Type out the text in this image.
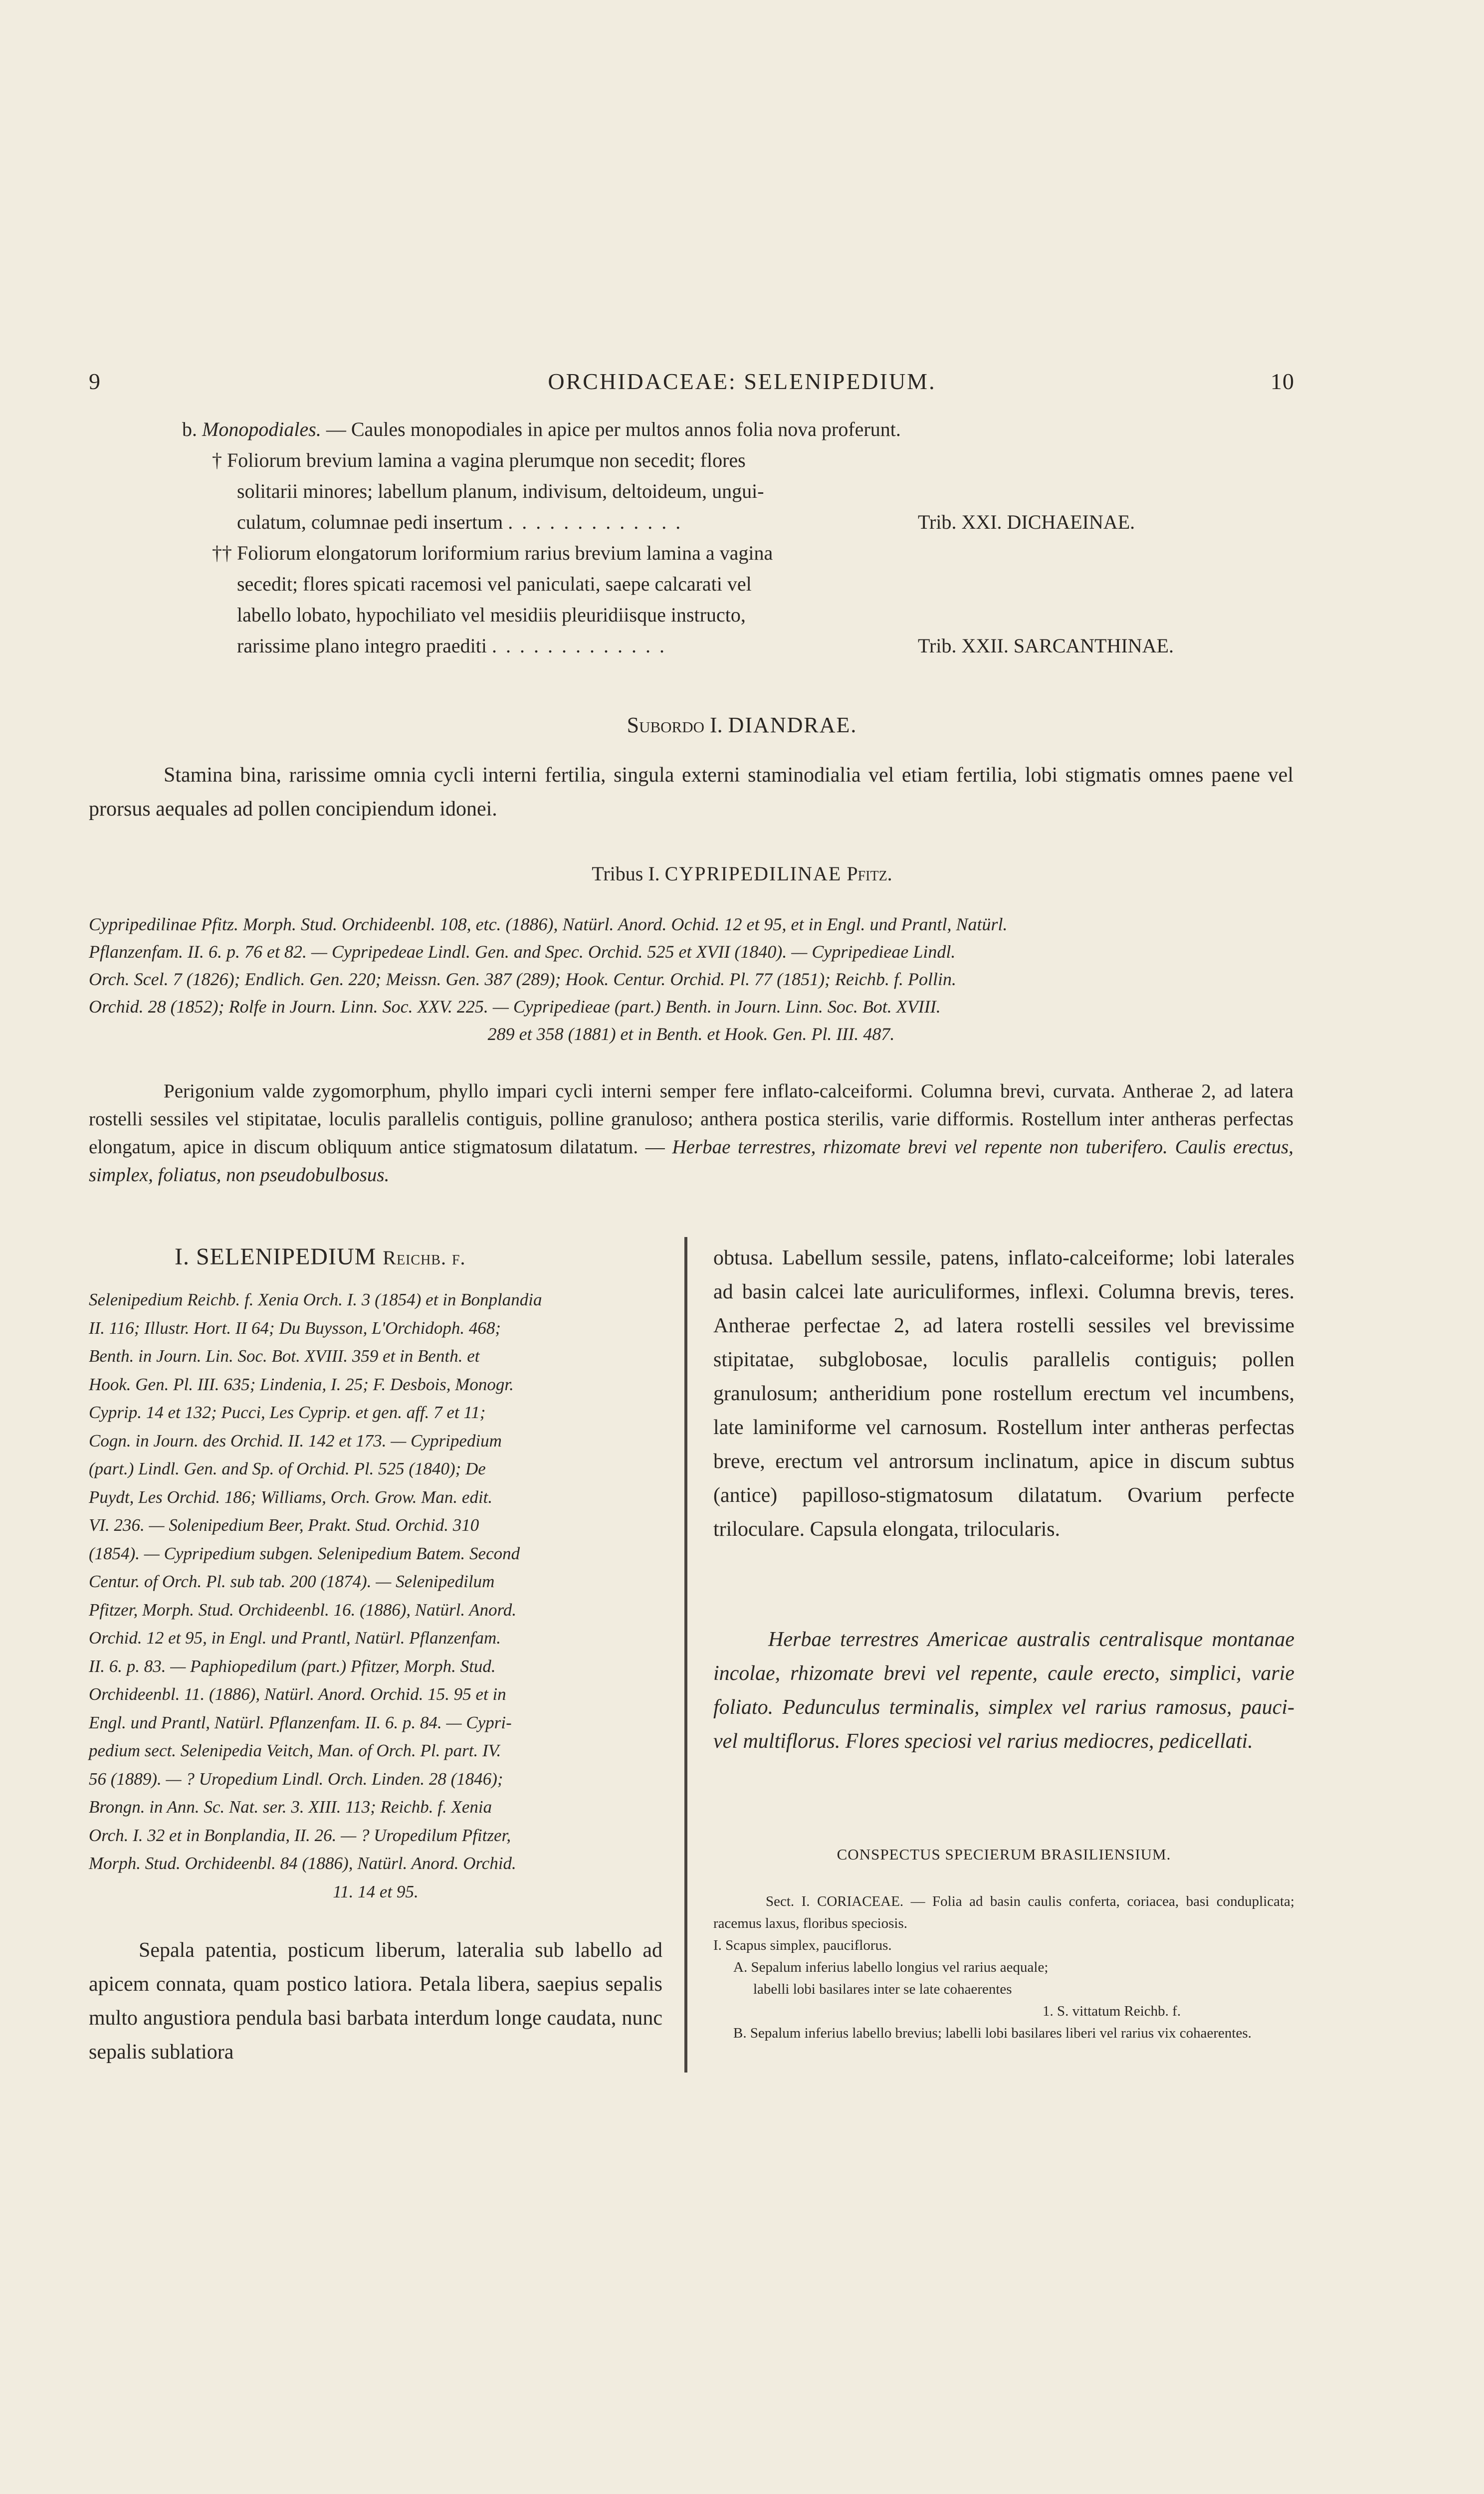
9	ORCHIDACEAE: SELENIPEDIUM.	10
b. Monopodiales. — Caules monopodiales in apice per multos annos folia nova proferunt.
† Foliorum brevium lamina a vagina plerumque non secedit; flores
solitarii minores; labellum planum, indivisum, deltoideum, ungui-
culatum, columnae pedi insertum .............	Trib. XXI. DICHAEINAE.
†† Foliorum elongatorum loriformium rarius brevium lamina a vagina
secedit; flores spicati racemosi vel paniculati, saepe calcarati vel
labello lobato, hypochiliato vel mesidiis pleuridiisque instructo,
rarissime plano integro praediti .............	Trib. XXII. SARCANTHINAE.
Subordo I. DIANDRAE.

Stamina bina, rarissime omnia cycli interni fertilia, singula externi staminodialia vel etiam fertilia, lobi stigmatis omnes paene vel prorsus aequales ad pollen concipiendum idonei.

Tribus I. CYPRIPEDILINAE Pfitz.
Cypripedilinae Pfitz. Morph. Stud. Orchideenbl. 108, etc. (1886), Natürl. Anord. Ochid. 12 et 95, et in Engl. und Prantl, Natürl.
Pflanzenfam. II. 6. p. 76 et 82. — Cypripedeae Lindl. Gen. and Spec. Orchid. 525 et XVII (1840). — Cypripedieae Lindl.
Orch. Scel. 7 (1826); Endlich. Gen. 220; Meissn. Gen. 387 (289); Hook. Centur. Orchid. Pl. 77 (1851); Reichb. f. Pollin.
Orchid. 28 (1852); Rolfe in Journ. Linn. Soc. XXV. 225. — Cypripedieae (part.) Benth. in Journ. Linn. Soc. Bot. XVIII.
289 et 358 (1881) et in Benth. et Hook. Gen. Pl. III. 487.
Perigonium valde zygomorphum, phyllo impari cycli interni semper fere inflato-calceiformi. Columna brevi, curvata. Antherae 2, ad latera rostelli sessiles vel stipitatae, loculis parallelis contiguis, polline granuloso; anthera postica sterilis, varie difformis. Rostellum inter antheras perfectas elongatum, apice in discum obliquum antice stigmatosum dilatatum. — Herbae terrestres, rhizomate brevi vel repente non tuberifero. Caulis erectus, simplex, foliatus, non pseudobulbosus.
I. SELENIPEDIUM Reichb. f.
Selenipedium Reichb. f. Xenia Orch. I. 3 (1854) et in Bonplandia
II. 116; Illustr. Hort. II 64; Du Buysson, L'Orchidoph. 468;
Benth. in Journ. Lin. Soc. Bot. XVIII. 359 et in Benth. et
Hook. Gen. Pl. III. 635; Lindenia, I. 25; F. Desbois, Monogr.
Cyprip. 14 et 132; Pucci, Les Cyprip. et gen. aff. 7 et 11;
Cogn. in Journ. des Orchid. II. 142 et 173. — Cypripedium
(part.) Lindl. Gen. and Sp. of Orchid. Pl. 525 (1840); De
Puydt, Les Orchid. 186; Williams, Orch. Grow. Man. edit.
VI. 236. — Solenipedium Beer, Prakt. Stud. Orchid. 310
(1854). — Cypripedium subgen. Selenipedium Batem. Second
Centur. of Orch. Pl. sub tab. 200 (1874). — Selenipedilum
Pfitzer, Morph. Stud. Orchideenbl. 16. (1886), Natürl. Anord.
Orchid. 12 et 95, in Engl. und Prantl, Natürl. Pflanzenfam.
II. 6. p. 83. — Paphiopedilum (part.) Pfitzer, Morph. Stud.
Orchideenbl. 11. (1886), Natürl. Anord. Orchid. 15. 95 et in
Engl. und Prantl, Natürl. Pflanzenfam. II. 6. p. 84. — Cypri-
pedium sect. Selenipedia Veitch, Man. of Orch. Pl. part. IV.
56 (1889). — ? Uropedium Lindl. Orch. Linden. 28 (1846);
Brongn. in Ann. Sc. Nat. ser. 3. XIII. 113; Reichb. f. Xenia
Orch. I. 32 et in Bonplandia, II. 26. — ? Uropedilum Pfitzer,
Morph. Stud. Orchideenbl. 84 (1886), Natürl. Anord. Orchid.
11. 14 et 95.

Sepala patentia, posticum liberum, lateralia sub labello ad apicem connata, quam postico latiora. Petala libera, saepius sepalis multo angustiora pendula basi barbata interdum longe caudata, nunc sepalis sublatiora

obtusa. Labellum sessile, patens, inflato-calceiforme; lobi laterales ad basin calcei late auriculiformes, inflexi. Columna brevis, teres. Antherae perfectae 2, ad latera rostelli sessiles vel brevissime stipitatae, subglobosae, loculis parallelis contiguis; pollen granulosum; antheridium pone rostellum erectum vel incumbens, late laminiforme vel carnosum. Rostellum inter antheras perfectas breve, erectum vel antrorsum inclinatum, apice in discum subtus (antice) papilloso-stigmatosum dilatatum. Ovarium perfecte triloculare. Capsula elongata, trilocularis.

Herbae terrestres Americae australis centralisque montanae incolae, rhizomate brevi vel repente, caule erecto, simplici, varie foliato. Pedunculus terminalis, simplex vel rarius ramosus, pauci- vel multiflorus. Flores speciosi vel rarius mediocres, pedicellati.

CONSPECTUS SPECIERUM BRASILIENSIUM.

Sect. I. CORIACEAE. — Folia ad basin caulis conferta, coriacea, basi conduplicata; racemus laxus, floribus speciosis.

I. Scapus simplex, pauciflorus.

A. Sepalum inferius labello longius vel rarius aequale;

labelli lobi basilares inter se late cohaerentes

1. S. vittatum Reichb. f.

B. Sepalum inferius labello brevius; labelli lobi basilares liberi vel rarius vix cohaerentes.
